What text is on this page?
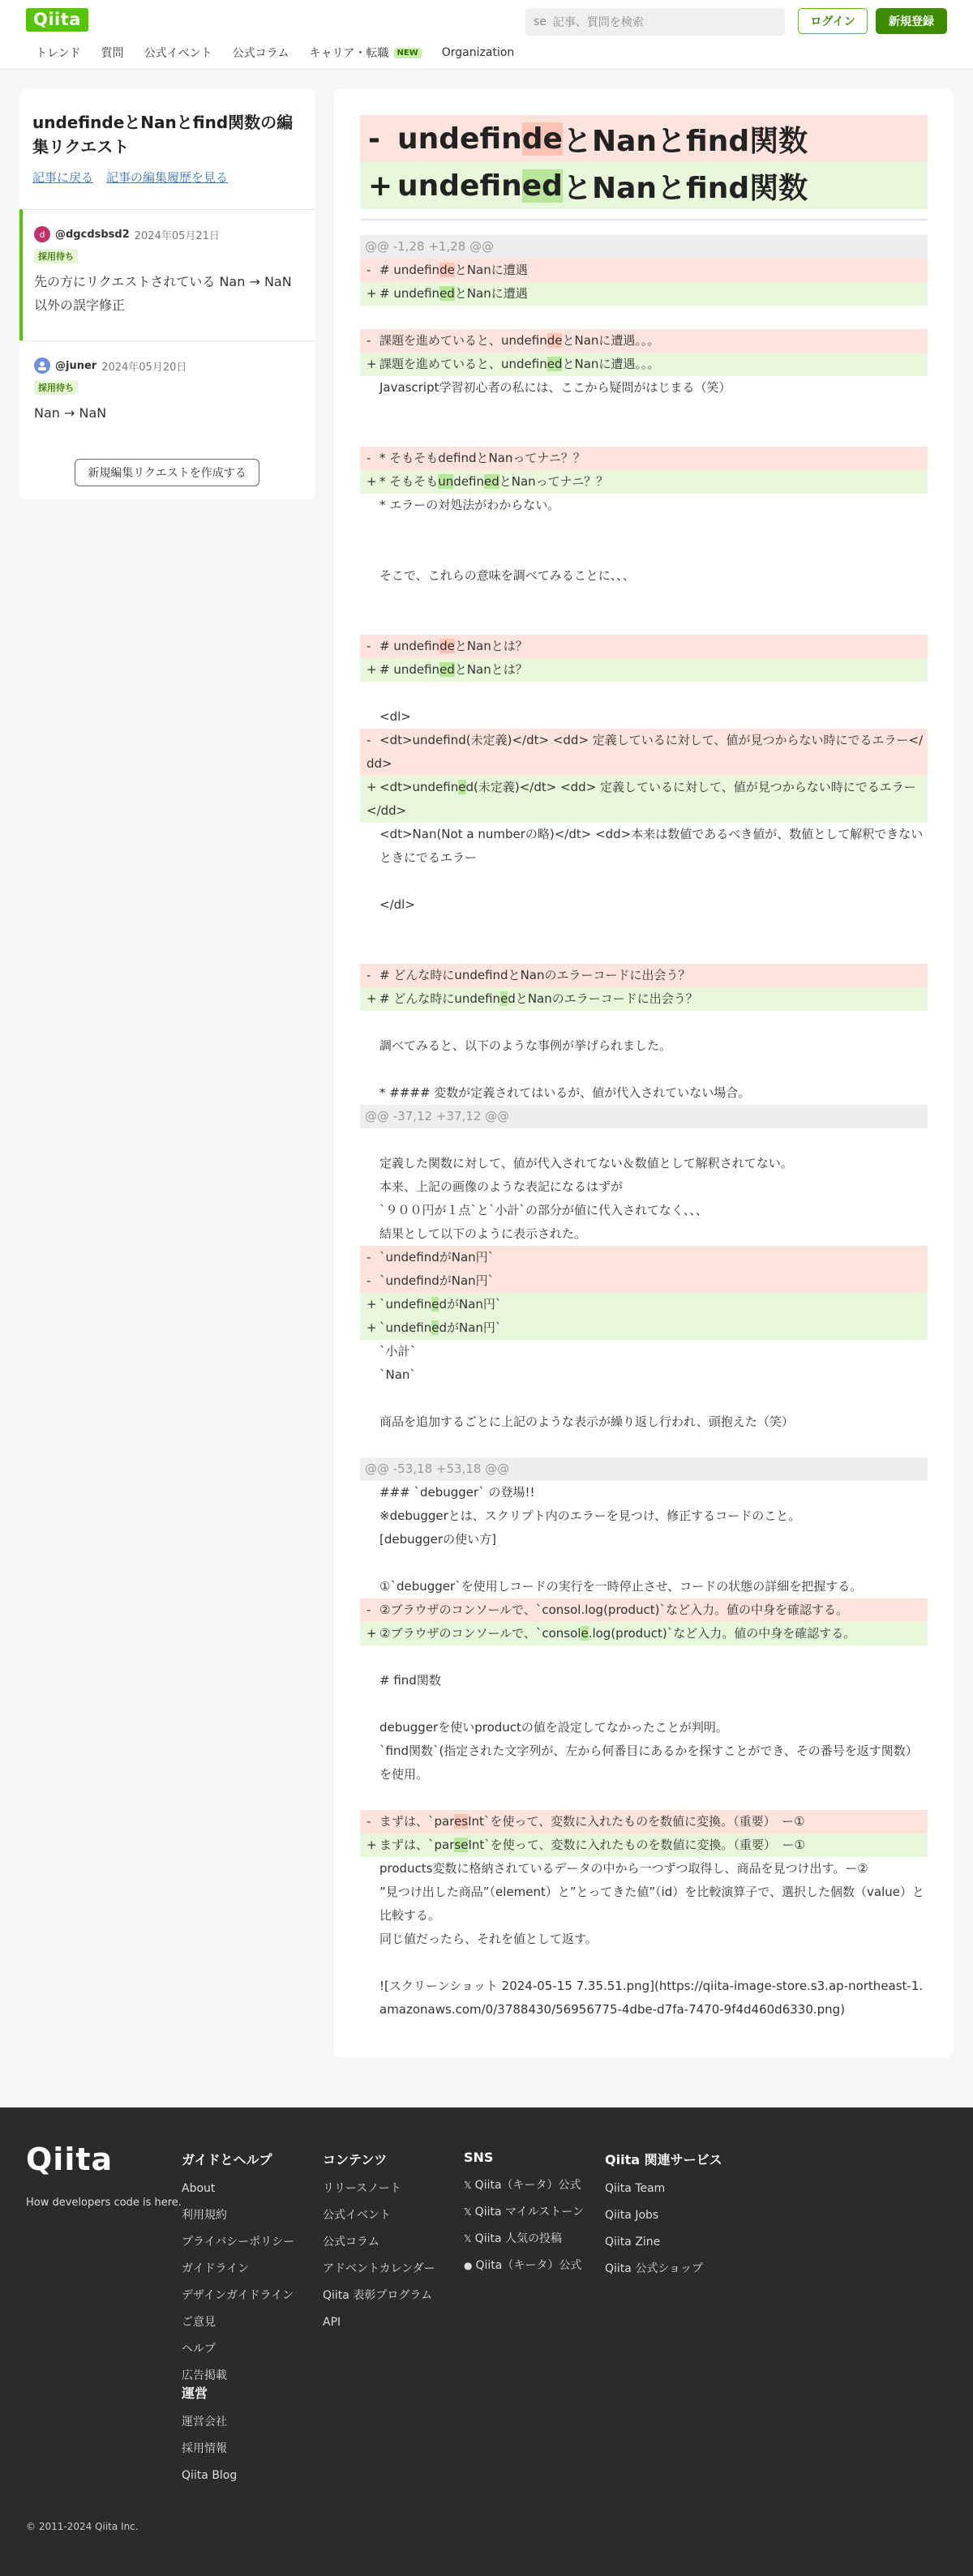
Qiita	se 記事、質問を検索	ログイン	新規登録
トレンド 質問 公式イベント 公式コラム キャリア・転職	NEW Organization
undefindeとNanとfind関数の編集リクエスト
記事に戻る 記事の編集履歴を見る
d @dgcdsbsd2 2024年05月21日
採用待ち
先の方にリクエストされている Nan → NaN 以外の誤字修正
@juner 2024年05月20日
採用待ち
Nan → NaN
新規編集リクエストを作成する
- undefin de とNanとfind関数
+ undefin ed とNanとfind関数
@@ -1,28 +1,28 @@
- # undefindeとNanに遭遇
+ # undefinedとNanに遭遇
- 課題を進めていると、undefindeとNanに遭遇。。。
+ 課題を進めていると、undefinedとNanに遭遇。。。
Javascript学習初心者の私には、ここから疑問がはじまる（笑）
- * そもそもdefindとNanってナニ？？
+ * そもそもundefinedとNanってナニ？？
* エラーの対処法がわからない。
そこで、これらの意味を調べてみることに、、、
- # undefindeとNanとは？
+ # undefinedとNanとは？
<dl>
- <dt>undefind(未定義)</dt> <dd> 定義しているに対して、値が見つからない時にでるエラー</dd>
+ <dt>undefined(未定義)</dt> <dd> 定義しているに対して、値が見つからない時にでるエラー</dd>
<dt>Nan(Not a numberの略)</dt> <dd>本来は数値であるべき値が、数値として解釈できないときにでるエラー
</dl>
- # どんな時にundefindとNanのエラーコードに出会う？
+ # どんな時にundefinedとNanのエラーコードに出会う？
調べてみると、以下のような事例が挙げられました。
* #### 変数が定義されてはいるが、値が代入されていない場合。
@@ -37,12 +37,12 @@
定義した関数に対して、値が代入されてない＆数値として解釈されてない。
本来、上記の画像のような表記になるはずが
`９００円が１点`と`小計`の部分が値に代入されてなく、、、
結果として以下のように表示された。
- `undefindがNan円`
- `undefindがNan円`
+ `undefinedがNan円`
+ `undefinedがNan円`
`小計`
`Nan`
商品を追加するごとに上記のような表示が繰り返し行われ、頭抱えた（笑）
@@ -53,18 +53,18 @@
### `debugger` の登場!!
※debuggerとは、スクリプト内のエラーを見つけ、修正するコードのこと。
[debuggerの使い方]
①`debugger`を使用しコードの実行を一時停止させ、コードの状態の詳細を把握する。
- ②ブラウザのコンソールで、`consol.log(product)`など入力。値の中身を確認する。
+ ②ブラウザのコンソールで、`console.log(product)`など入力。値の中身を確認する。
# find関数
debuggerを使いproductの値を設定してなかったことが判明。
`find関数`(指定された文字列が、左から何番目にあるかを探すことができ、その番号を返す関数）を使用。
- まずは、`paresInt`を使って、変数に入れたものを数値に変換。（重要）　ー①
+ まずは、`parseInt`を使って、変数に入れたものを数値に変換。（重要）　ー①
products変数に格納されているデータの中から一つずつ取得し、商品を見つけ出す。ー②
”見つけ出した商品”（element）と”とってきた値”（id）を比較演算子で、選択した個数（value）と比較する。
同じ値だったら、それを値として返す。
![スクリーンショット 2024-05-15 7.35.51.png](https://qiita-image-store.s3.ap-northeast-1.amazonaws.com/0/3788430/56956775-4dbe-d7fa-7470-9f4d460d6330.png)
Qiita
How developers code is here.
© 2011-2024 Qiita Inc.
ガイドとヘルプ
About
利用規約
プライバシーポリシー
ガイドライン
デザインガイドライン
ご意見
ヘルプ
広告掲載
コンテンツ
リリースノート
公式イベント
公式コラム
アドベントカレンダー
Qiita 表彰プログラム
API
SNS
𝕏 Qiita（キータ）公式
𝕏 Qiita マイルストーン
𝕏 Qiita 人気の投稿
● Qiita（キータ）公式
Qiita 関連サービス
Qiita Team
Qiita Jobs
Qiita Zine
Qiita 公式ショップ
運営
運営会社
採用情報
Qiita Blog
